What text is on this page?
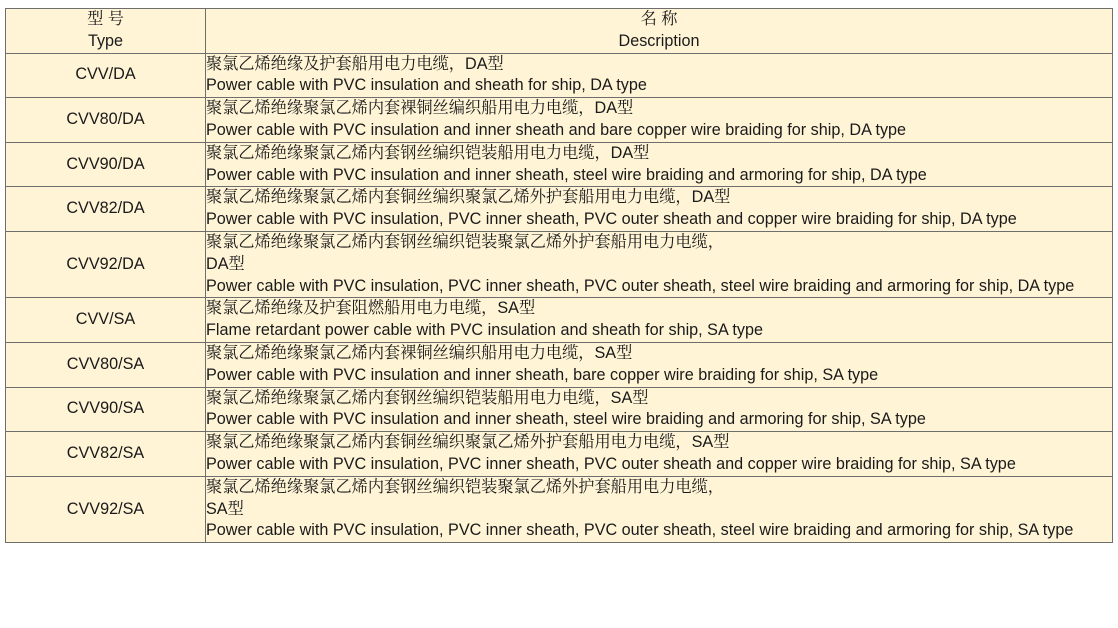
型 号
Type	名 称
Description

CVV/DA	聚氯乙烯绝缘及护套船用电力电缆，DA型
Power cable with PVC insulation and sheath for ship, DA type

CVV80/DA	聚氯乙烯绝缘聚氯乙烯内套裸铜丝编织船用电力电缆，DA型
Power cable with PVC insulation and inner sheath and bare copper wire braiding for ship, DA type

CVV90/DA	聚氯乙烯绝缘聚氯乙烯内套钢丝编织铠装船用电力电缆，DA型
Power cable with PVC insulation and inner sheath, steel wire braiding and armoring for ship, DA type

CVV82/DA	聚氯乙烯绝缘聚氯乙烯内套铜丝编织聚氯乙烯外护套船用电力电缆，DA型
Power cable with PVC insulation, PVC inner sheath, PVC outer sheath and copper wire braiding for ship, DA type

CVV92/DA	聚氯乙烯绝缘聚氯乙烯内套钢丝编织铠装聚氯乙烯外护套船用电力电缆，
DA型
Power cable with PVC insulation, PVC inner sheath, PVC outer sheath, steel wire braiding and armoring for ship, DA type

CVV/SA	聚氯乙烯绝缘及护套阻燃船用电力电缆，SA型
Flame retardant power cable with PVC insulation and sheath for ship, SA type

CVV80/SA	聚氯乙烯绝缘聚氯乙烯内套裸铜丝编织船用电力电缆，SA型
Power cable with PVC insulation and inner sheath, bare copper wire braiding for ship, SA type

CVV90/SA	聚氯乙烯绝缘聚氯乙烯内套钢丝编织铠装船用电力电缆，SA型
Power cable with PVC insulation and inner sheath, steel wire braiding and armoring for ship, SA type

CVV82/SA	聚氯乙烯绝缘聚氯乙烯内套铜丝编织聚氯乙烯外护套船用电力电缆，SA型
Power cable with PVC insulation, PVC inner sheath, PVC outer sheath and copper wire braiding for ship, SA type

CVV92/SA	聚氯乙烯绝缘聚氯乙烯内套钢丝编织铠装聚氯乙烯外护套船用电力电缆，
SA型
Power cable with PVC insulation, PVC inner sheath, PVC outer sheath, steel wire braiding and armoring for ship, SA type
